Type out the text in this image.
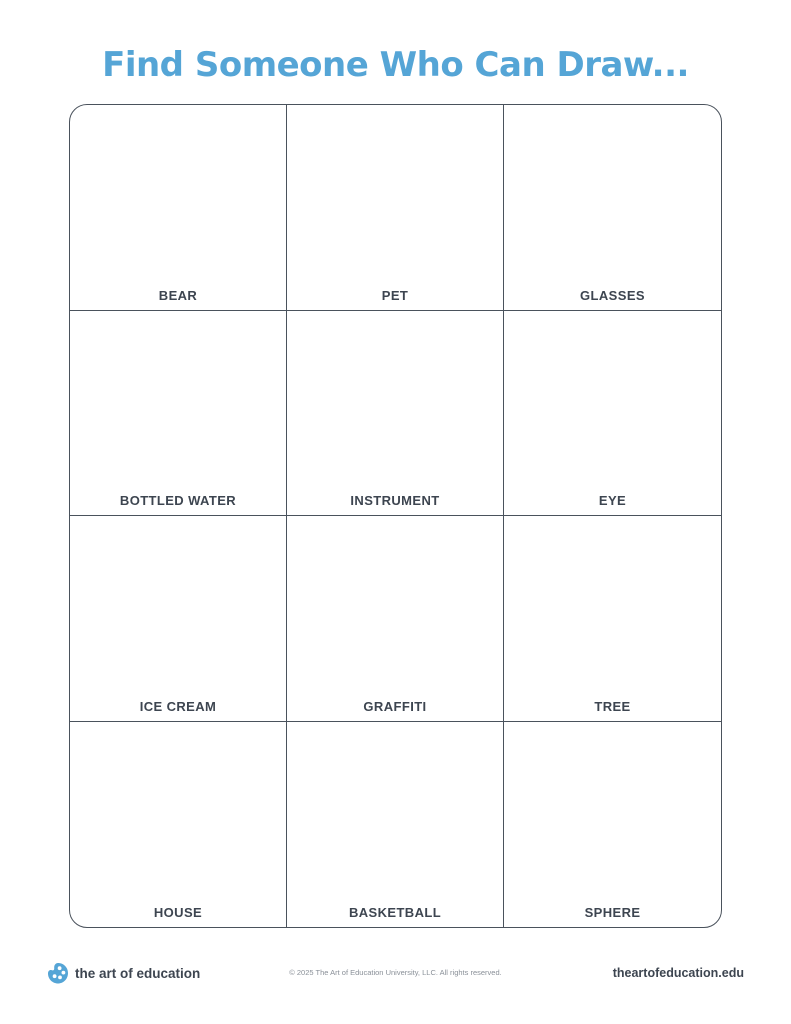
Find Someone Who Can Draw...
BEAR	PET	GLASSES
BOTTLED WATER	INSTRUMENT	EYE
ICE CREAM	GRAFFITI	TREE
HOUSE	BASKETBALL	SPHERE
the art of education	© 2025 The Art of Education University, LLC. All rights reserved.	theartofeducation.edu
